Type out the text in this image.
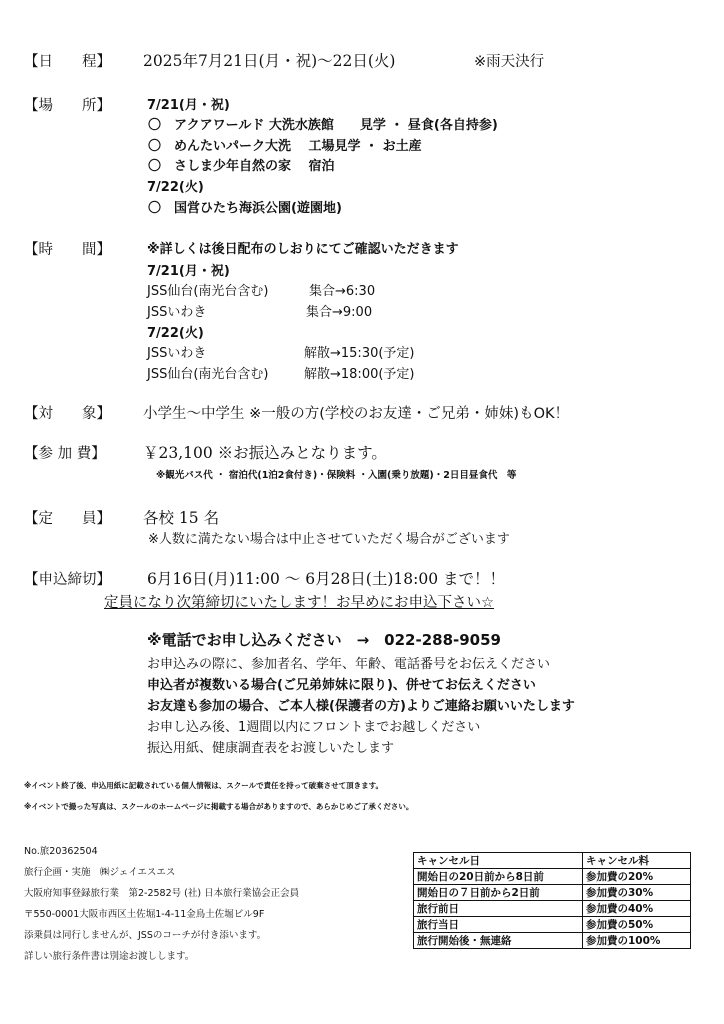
【日　　程】 2025年7月21日(月・祝)～22日(火)	※雨天決行
【場　　所】	7/21(月・祝)
〇　アクアワールド 大洗水族館　　見学 ・ 昼食(各自持参)
〇　めんたいパーク大洗　 工場見学 ・ お土産
〇　さしま少年自然の家　 宿泊
7/22(火)
〇　国営ひたち海浜公園(遊園地)
【時　　間】	※詳しくは後日配布のしおりにてご確認いただきます
7/21(月・祝)
JSS仙台(南光台含む)	集合→6:30
JSSいわき	集合→9:00
7/22(火)
JSSいわき	解散→15:30(予定)
JSS仙台(南光台含む)	解散→18:00(予定)
【対　　象】 小学生～中学生 ※一般の方(学校のお友達・ご兄弟・姉妹)もOK！
【参 加 費】 ￥23,100 ※お振込みとなります。
※観光バス代 ・ 宿泊代(1泊2食付き)・保険料 ・入園(乗り放題)・2日目昼食代　等
【定　　員】 各校 15 名
※人数に満たない場合は中止させていただく場合がございます
【申込締切】 6月16日(月)11:00 ～ 6月28日(土)18:00 まで！！
定員になり次第締切にいたします！お早めにお申込下さい☆
※電話でお申し込みください　→　022-288-9059
お申込みの際に、参加者名、学年、年齢、電話番号をお伝えください
申込者が複数いる場合(ご兄弟姉妹に限り)、併せてお伝えください
お友達も参加の場合、ご本人様(保護者の方)よりご連絡お願いいたします
お申し込み後、1週間以内にフロントまでお越しください
振込用紙、健康調査表をお渡しいたします
※イベント終了後、申込用紙に記載されている個人情報は、スクールで責任を持って破棄させて頂きます。
※イベントで撮った写真は、スクールのホームページに掲載する場合がありますので、あらかじめご了承ください。
No.旅20362504
旅行企画・実施　㈱ジェイエスエス
大阪府知事登録旅行業　第2-2582号 (社) 日本旅行業協会正会員
〒550-0001大阪市西区土佐堀1-4-11金鳥土佐堀ビル9F
添乗員は同行しませんが、JSSのコーチが付き添います。
詳しい旅行条件書は別途お渡しします。
キャンセル日	キャンセル料
開始日の20日前から8日前	参加費の20%
開始日の７日前から2日前	参加費の30%
旅行前日	参加費の40%
旅行当日	参加費の50%
旅行開始後・無連絡	参加費の100%
